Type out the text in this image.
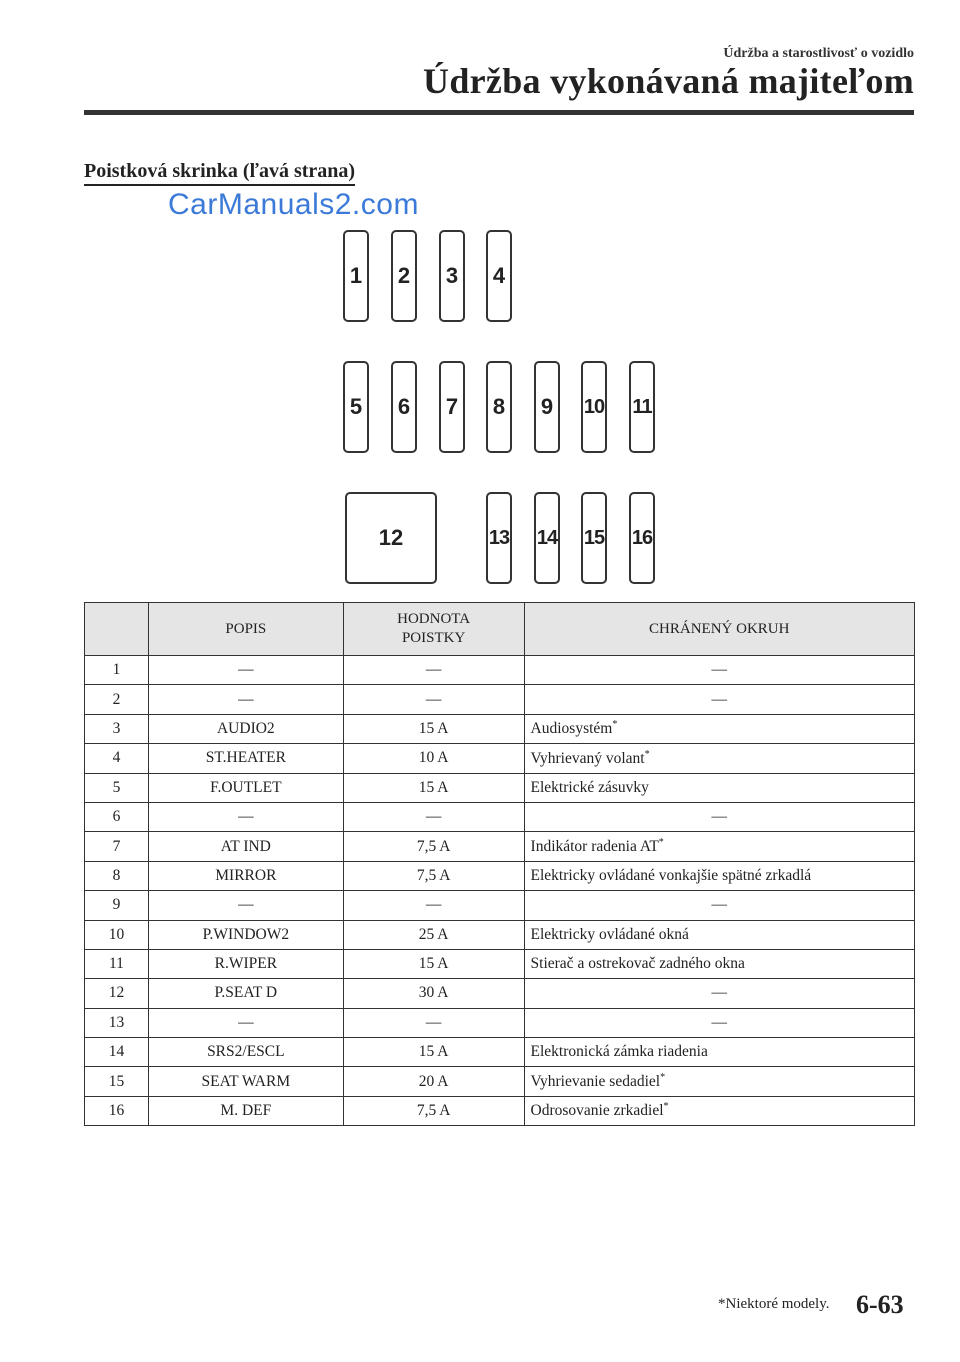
Údržba a starostlivosť o vozidlo
Údržba vykonávaná majiteľom
Poistková skrinka (ľavá strana)
CarManuals2.com
1	2	3	4
5	6	7	8	9	10 11
12	13 14 15 16
	POPIS	HODNOTA
POISTKY	CHRÁNENÝ OKRUH
1	—	—	—
2	—	—	—
3	AUDIO2	15 A	Audiosystém*
4	ST.HEATER	10 A	Vyhrievaný volant*
5	F.OUTLET	15 A	Elektrické zásuvky
6	—	—	—
7	AT IND	7,5 A	Indikátor radenia AT*
8	MIRROR	7,5 A	Elektricky ovládané vonkajšie spätné zrkadlá
9	—	—	—
10	P.WINDOW2	25 A	Elektricky ovládané okná
11	R.WIPER	15 A	Stierač a ostrekovač zadného okna
12	P.SEAT D	30 A	—
13	—	—	—
14	SRS2/ESCL	15 A	Elektronická zámka riadenia
15	SEAT WARM	20 A	Vyhrievanie sedadiel*
16	M. DEF	7,5 A	Odrosovanie zrkadiel*
*Niektoré modely. 6-63
